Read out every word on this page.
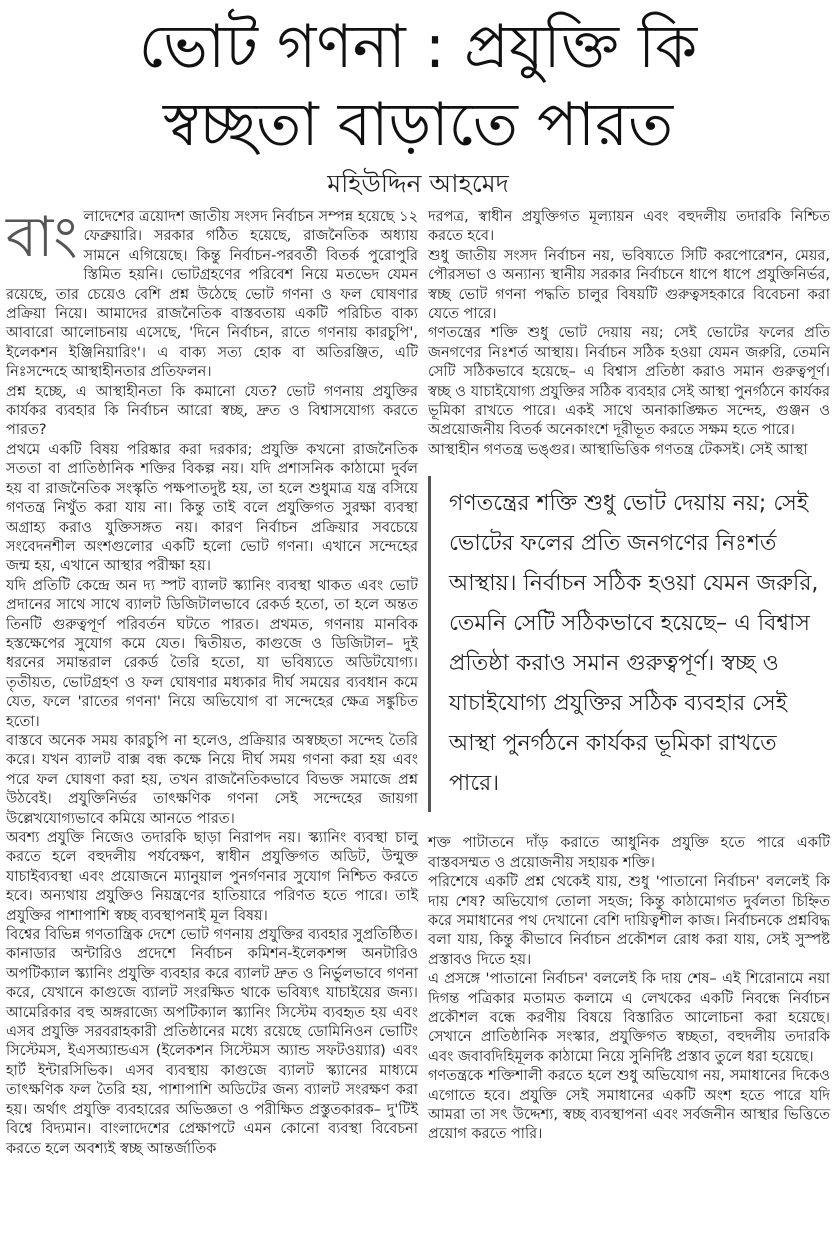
ভোট গণনা : প্রযুক্তি কি
স্বচ্ছতা বাড়াতে পারত
মহিউদ্দিন আহমেদ

বাংলাদেশের ত্রয়োদশ জাতীয় সংসদ নির্বাচন সম্পন্ন হয়েছে ১২ ফেব্রুয়ারি। সরকার গঠিত হয়েছে, রাজনৈতিক অধ্যায় সামনে এগিয়েছে। কিন্তু নির্বাচন-পরবর্তী বিতর্ক পুরোপুরি স্তিমিত হয়নি। ভোটগ্রহণের পরিবেশ নিয়ে মতভেদ যেমন রয়েছে, তার চেয়েও বেশি প্রশ্ন উঠেছে ভোট গণনা ও ফল ঘোষণার প্রক্রিয়া নিয়ে। আমাদের রাজনৈতিক বাস্তবতায় একটি পরিচিত বাক্য আবারো আলোচনায় এসেছে, 'দিনে নির্বাচন, রাতে গণনায় কারচুপি', ইলেকশন ইঞ্জিনিয়ারিং'। এ বাক্য সত্য হোক বা অতিরঞ্জিত, এটি নিঃসন্দেহে আস্থাহীনতার প্রতিফলন।

প্রশ্ন হচ্ছে, এ আস্থাহীনতা কি কমানো যেত? ভোট গণনায় প্রযুক্তির কার্যকর ব্যবহার কি নির্বাচন আরো স্বচ্ছ, দ্রুত ও বিশ্বাসযোগ্য করতে পারত?

প্রথমে একটি বিষয় পরিষ্কার করা দরকার; প্রযুক্তি কখনো রাজনৈতিক সততা বা প্রাতিষ্ঠানিক শক্তির বিকল্প নয়। যদি প্রশাসনিক কাঠামো দুর্বল হয় বা রাজনৈতিক সংস্কৃতি পক্ষপাতদুষ্ট হয়, তা হলে শুধুমাত্র যন্ত্র বসিয়ে গণতন্ত্র নিখুঁত করা যায় না। কিন্তু তাই বলে প্রযুক্তিগত সুরক্ষা ব্যবস্থা অগ্রাহ্য করাও যুক্তিসঙ্গত নয়। কারণ নির্বাচন প্রক্রিয়ার সবচেয়ে সংবেদনশীল অংশগুলোর একটি হলো ভোট গণনা। এখানে সন্দেহের জন্ম হয়, এখানে আস্থার পরীক্ষা হয়।

যদি প্রতিটি কেন্দ্রে অন দ্য স্পট ব্যালট স্ক্যানিং ব্যবস্থা থাকত এবং ভোট প্রদানের সাথে সাথে ব্যালট ডিজিটালভাবে রেকর্ড হতো, তা হলে অন্তত তিনটি গুরুত্বপূর্ণ পরিবর্তন ঘটতে পারত। প্রথমত, গণনায় মানবিক হস্তক্ষেপের সুযোগ কমে যেত। দ্বিতীয়ত, কাগুজে ও ডিজিটাল– দুই ধরনের সমান্তরাল রেকর্ড তৈরি হতো, যা ভবিষ্যতে অডিটযোগ্য। তৃতীয়ত, ভোটগ্রহণ ও ফল ঘোষণার মধ্যকার দীর্ঘ সময়ের ব্যবধান কমে যেত, ফলে 'রাতের গণনা' নিয়ে অভিযোগ বা সন্দেহের ক্ষেত্র সঙ্কুচিত হতো।

বাস্তবে অনেক সময় কারচুপি না হলেও, প্রক্রিয়ার অস্বচ্ছতা সন্দেহ তৈরি করে। যখন ব্যালট বাক্স বন্ধ কক্ষে নিয়ে দীর্ঘ সময় গণনা করা হয় এবং পরে ফল ঘোষণা করা হয়, তখন রাজনৈতিকভাবে বিভক্ত সমাজে প্রশ্ন উঠবেই। প্রযুক্তিনির্ভর তাৎক্ষণিক গণনা সেই সন্দেহের জায়গা উল্লেখযোগ্যভাবে কমিয়ে আনতে পারত।

অবশ্য প্রযুক্তি নিজেও তদারকি ছাড়া নিরাপদ নয়। স্ক্যানিং ব্যবস্থা চালু করতে হলে বহুদলীয় পর্যবেক্ষণ, স্বাধীন প্রযুক্তিগত অডিট, উন্মুক্ত যাচাইব্যবস্থা এবং প্রয়োজনে ম্যানুয়াল পুনর্গণনার সুযোগ নিশ্চিত করতে হবে। অন্যথায় প্রযুক্তিও নিয়ন্ত্রণের হাতিয়ারে পরিণত হতে পারে। তাই প্রযুক্তির পাশাপাশি স্বচ্ছ ব্যবস্থাপনাই মূল বিষয়।

বিশ্বের বিভিন্ন গণতান্ত্রিক দেশে ভোট গণনায় প্রযুক্তির ব্যবহার সুপ্রতিষ্ঠিত। কানাডার অন্টারিও প্রদেশে নির্বাচন কমিশন-ইলেকশন্স অনটারিও অপটিক্যাল স্ক্যানিং প্রযুক্তি ব্যবহার করে ব্যালট দ্রুত ও নির্ভুলভাবে গণনা করে, যেখানে কাগুজে ব্যালট সংরক্ষিত থাকে ভবিষ্যৎ যাচাইয়ের জন্য। আমেরিকার বহু অঙ্গরাজ্যে অপটিক্যাল স্ক্যানিং সিস্টেম ব্যবহৃত হয় এবং এসব প্রযুক্তি সরবরাহকারী প্রতিষ্ঠানের মধ্যে রয়েছে ডোমিনিওন ভোটিং সিস্টেমস, ইএসঅ্যান্ডএস (ইলেকশন সিস্টেমস অ্যান্ড সফটওয়্যার) এবং হার্ট ইন্টারসিভিক। এসব ব্যবস্থায় কাগুজে ব্যালট স্ক্যানের মাধ্যমে তাৎক্ষণিক ফল তৈরি হয়, পাশাপাশি অডিটের জন্য ব্যালট সংরক্ষণ করা হয়। অর্থাৎ প্রযুক্তি ব্যবহারের অভিজ্ঞতা ও পরীক্ষিত প্রস্তুতকারক– দু'টিই বিশ্বে বিদ্যমান। বাংলাদেশের প্রেক্ষাপটে এমন কোনো ব্যবস্থা বিবেচনা করতে হলে অবশ্যই স্বচ্ছ আন্তর্জাতিক

দরপত্র, স্বাধীন প্রযুক্তিগত মূল্যায়ন এবং বহুদলীয় তদারকি নিশ্চিত করতে হবে।

শুধু জাতীয় সংসদ নির্বাচন নয়, ভবিষ্যতে সিটি করপোরেশন, মেয়র, পৌরসভা ও অন্যান্য স্থানীয় সরকার নির্বাচনে ধাপে ধাপে প্রযুক্তিনির্ভর, স্বচ্ছ ভোট গণনা পদ্ধতি চালুর বিষয়টি গুরুত্বসহকারে বিবেচনা করা যেতে পারে।

গণতন্ত্রের শক্তি শুধু ভোট দেয়ায় নয়; সেই ভোটের ফলের প্রতি জনগণের নিঃশর্ত আস্থায়। নির্বাচন সঠিক হওয়া যেমন জরুরি, তেমনি সেটি সঠিকভাবে হয়েছে– এ বিশ্বাস প্রতিষ্ঠা করাও সমান গুরুত্বপূর্ণ। স্বচ্ছ ও যাচাইযোগ্য প্রযুক্তির সঠিক ব্যবহার সেই আস্থা পুনর্গঠনে কার্যকর ভূমিকা রাখতে পারে। একই সাথে অনাকাঙ্ক্ষিত সন্দেহ, গুঞ্জন ও অপ্রয়োজনীয় বিতর্ক অনেকাংশে দূরীভূত করতে সক্ষম হতে পারে।

আস্থাহীন গণতন্ত্র ভঙ্গুর। আস্থাভিত্তিক গণতন্ত্র টেকসই। সেই আস্থা

গণতন্ত্রের শক্তি শুধু ভোট দেয়ায় নয়; সেই ভোটের ফলের প্রতি জনগণের নিঃশর্ত আস্থায়। নির্বাচন সঠিক হওয়া যেমন জরুরি, তেমনি সেটি সঠিকভাবে হয়েছে– এ বিশ্বাস প্রতিষ্ঠা করাও সমান গুরুত্বপূর্ণ। স্বচ্ছ ও যাচাইযোগ্য প্রযুক্তির সঠিক ব্যবহার সেই আস্থা পুনর্গঠনে কার্যকর ভূমিকা রাখতে পারে।

শক্ত পাটাতনে দাঁড় করাতে আধুনিক প্রযুক্তি হতে পারে একটি বাস্তবসম্মত ও প্রয়োজনীয় সহায়ক শক্তি।

পরিশেষে একটি প্রশ্ন থেকেই যায়, শুধু 'পাতানো নির্বাচন' বললেই কি দায় শেষ? অভিযোগ তোলা সহজ; কিন্তু কাঠামোগত দুর্বলতা চিহ্নিত করে সমাধানের পথ দেখানো বেশি দায়িত্বশীল কাজ। নির্বাচনকে প্রশ্নবিদ্ধ বলা যায়, কিন্তু কীভাবে নির্বাচন প্রকৌশল রোধ করা যায়, সেই সুস্পষ্ট প্রস্তাবও দিতে হয়।

এ প্রসঙ্গে 'পাতানো নির্বাচন' বললেই কি দায় শেষ– এই শিরোনামে নয়া দিগন্ত পত্রিকার মতামত কলামে এ লেখকের একটি নিবন্ধে নির্বাচন প্রকৌশল বন্ধে করণীয় বিষয়ে বিস্তারিত আলোচনা করা হয়েছে। সেখানে প্রাতিষ্ঠানিক সংস্কার, প্রযুক্তিগত স্বচ্ছতা, বহুদলীয় তদারকি এবং জবাবদিহিমূলক কাঠামো নিয়ে সুনির্দিষ্ট প্রস্তাব তুলে ধরা হয়েছে।

গণতন্ত্রকে শক্তিশালী করতে হলে শুধু অভিযোগ নয়, সমাধানের দিকেও এগোতে হবে। প্রযুক্তি সেই সমাধানের একটি অংশ হতে পারে যদি আমরা তা সৎ উদ্দেশ্য, স্বচ্ছ ব্যবস্থাপনা এবং সর্বজনীন আস্থার ভিত্তিতে প্রয়োগ করতে পারি।
